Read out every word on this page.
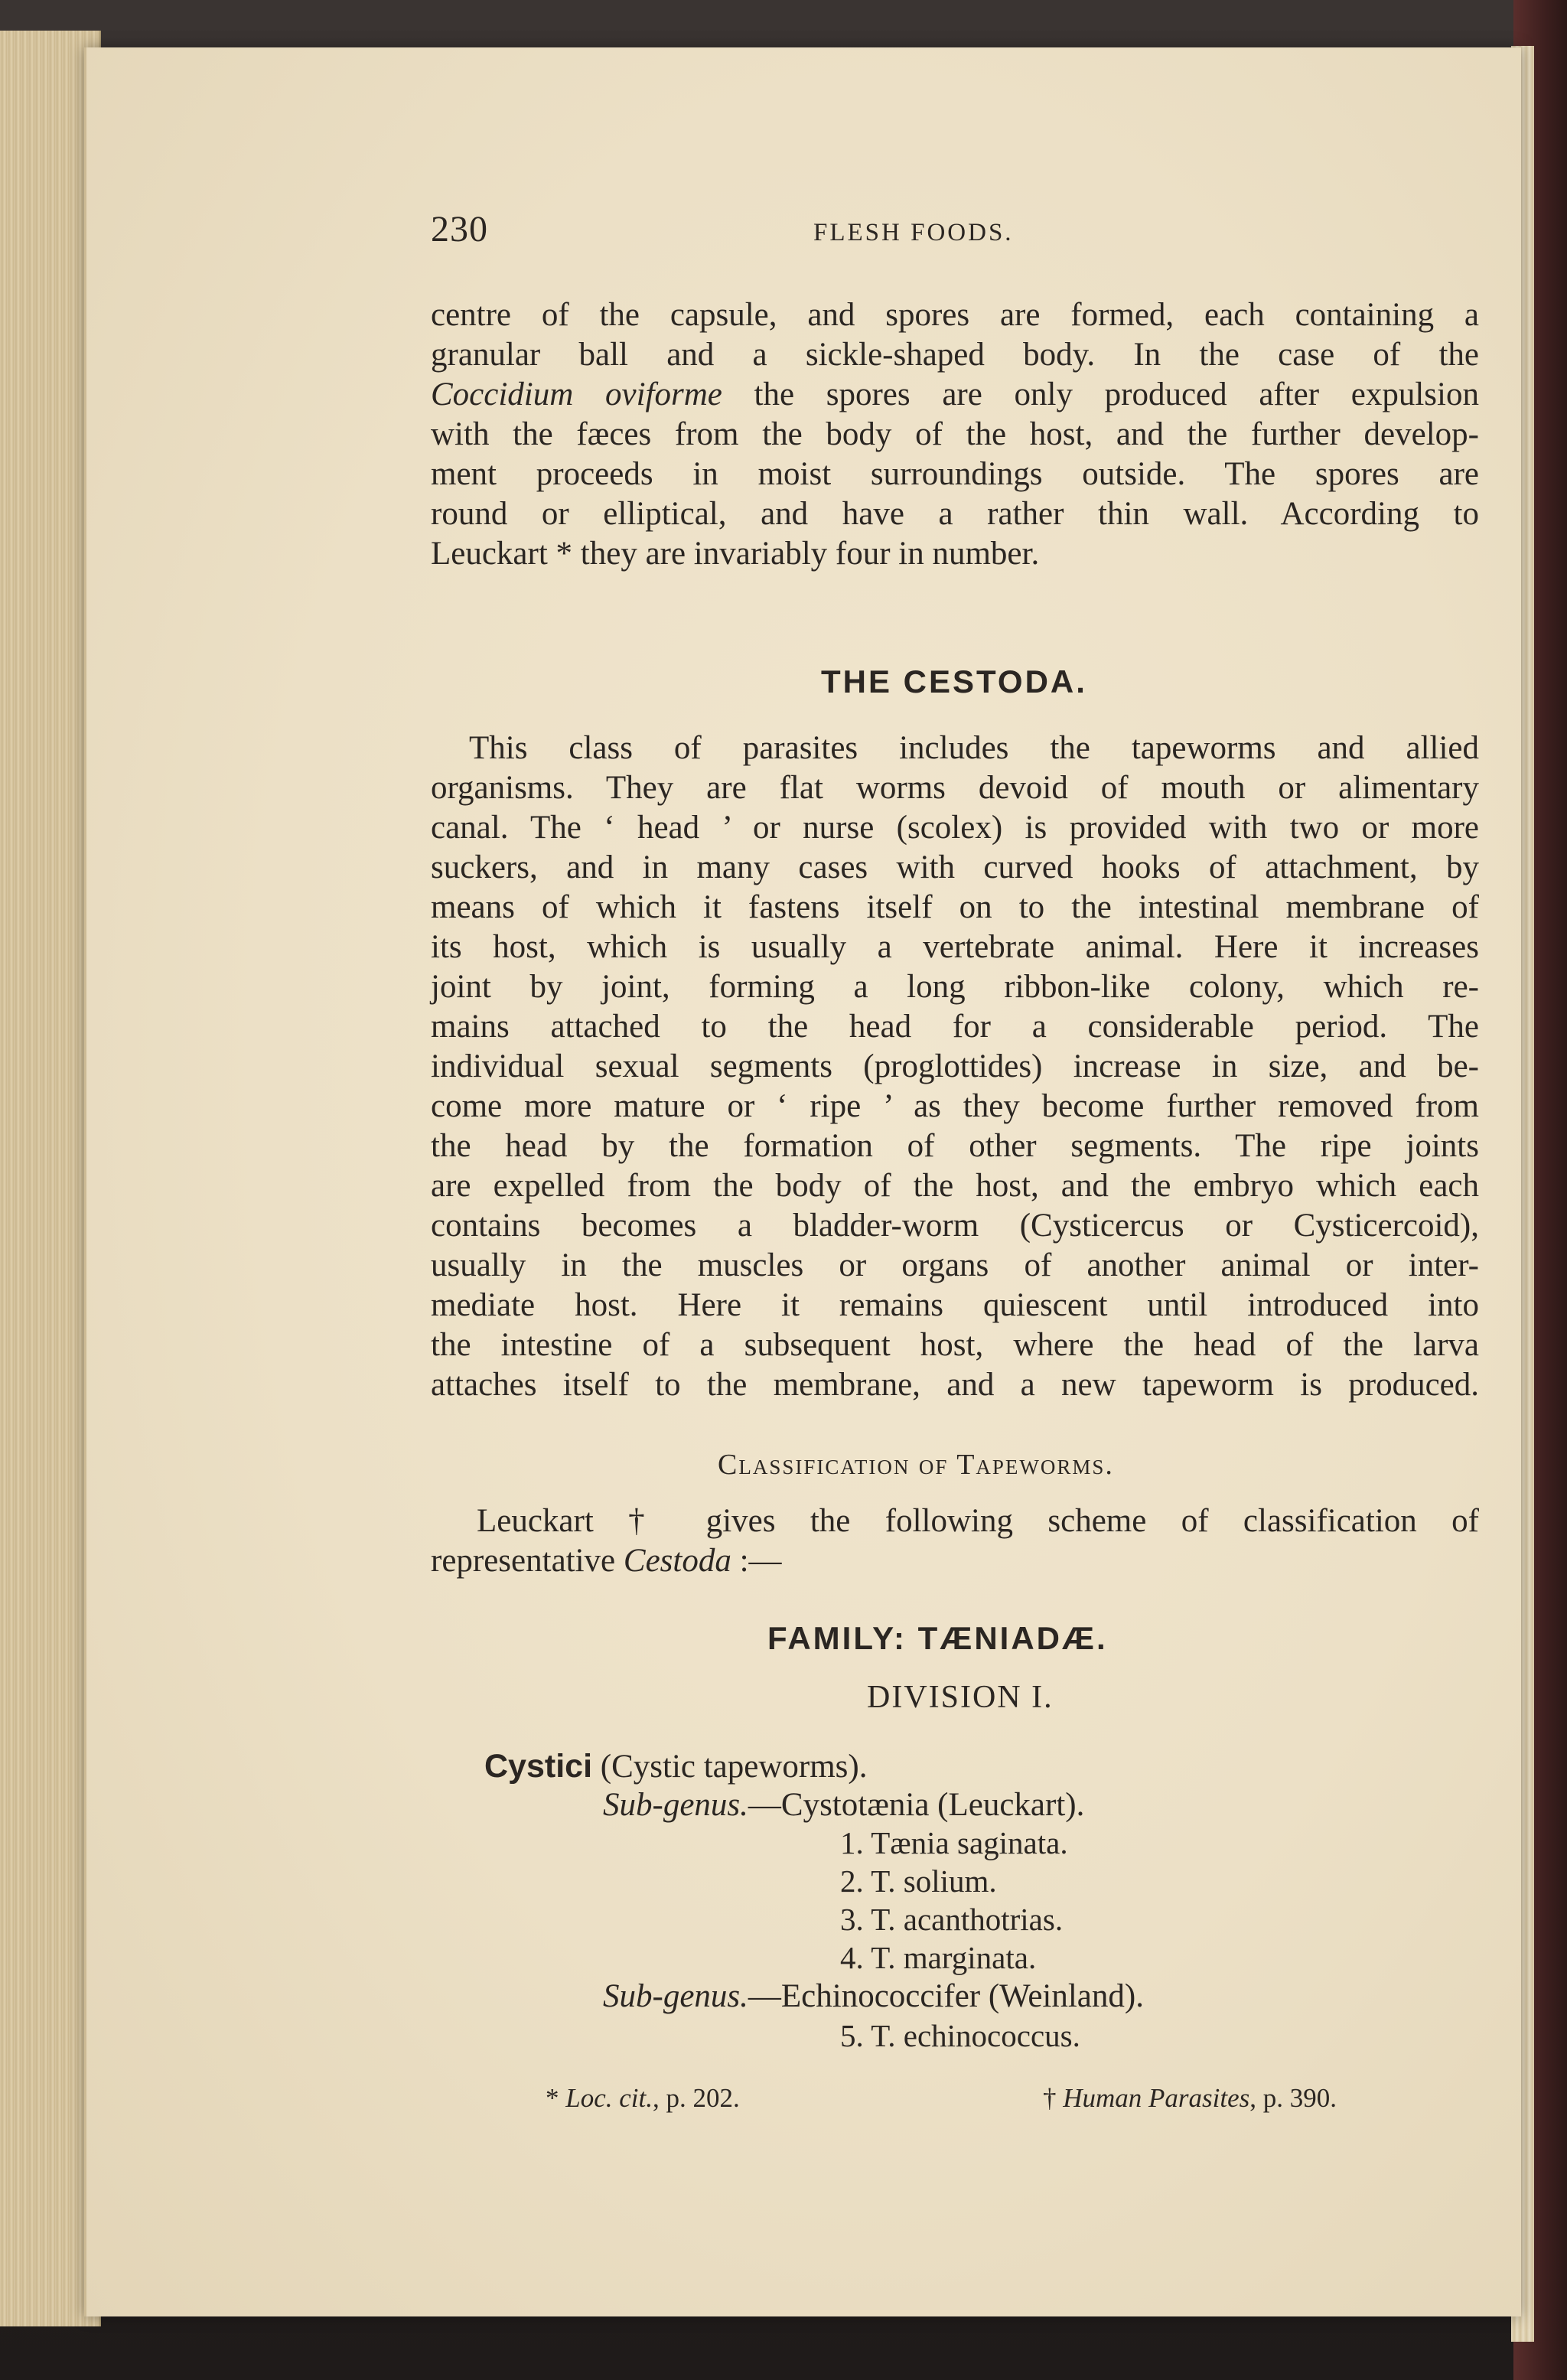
230	FLESH FOODS.
centre of the capsule, and spores are formed, each containing a
granular ball and a sickle-shaped body. In the case of the
Coccidium oviforme the spores are only produced after expulsion
with the fæces from the body of the host, and the further develop-
ment proceeds in moist surroundings outside. The spores are
round or elliptical, and have a rather thin wall. According to
Leuckart * they are invariably four in number.
THE CESTODA.
This class of parasites includes the tapeworms and allied
organisms. They are flat worms devoid of mouth or alimentary
canal. The ‘ head ’ or nurse (scolex) is provided with two or more
suckers, and in many cases with curved hooks of attachment, by
means of which it fastens itself on to the intestinal membrane of
its host, which is usually a vertebrate animal. Here it increases
joint by joint, forming a long ribbon-like colony, which re-
mains attached to the head for a considerable period. The
individual sexual segments (proglottides) increase in size, and be-
come more mature or ‘ ripe ’ as they become further removed from
the head by the formation of other segments. The ripe joints
are expelled from the body of the host, and the embryo which each
contains becomes a bladder-worm (Cysticercus or Cysticercoid),
usually in the muscles or organs of another animal or inter-
mediate host. Here it remains quiescent until introduced into
the intestine of a subsequent host, where the head of the larva
attaches itself to the membrane, and a new tapeworm is produced.
Classification of Tapeworms.
Leuckart † gives the following scheme of classification of
representative Cestoda :—
FAMILY: TÆNIADÆ.
DIVISION I.
Cystici (Cystic tapeworms).
Sub-genus.—Cystotænia (Leuckart).
1. Tænia saginata.
2. T. solium.
3. T. acanthotrias.
4. T. marginata.
Sub-genus.—Echinococcifer (Weinland).
5. T. echinococcus.
* Loc. cit., p. 202.	† Human Parasites, p. 390.
